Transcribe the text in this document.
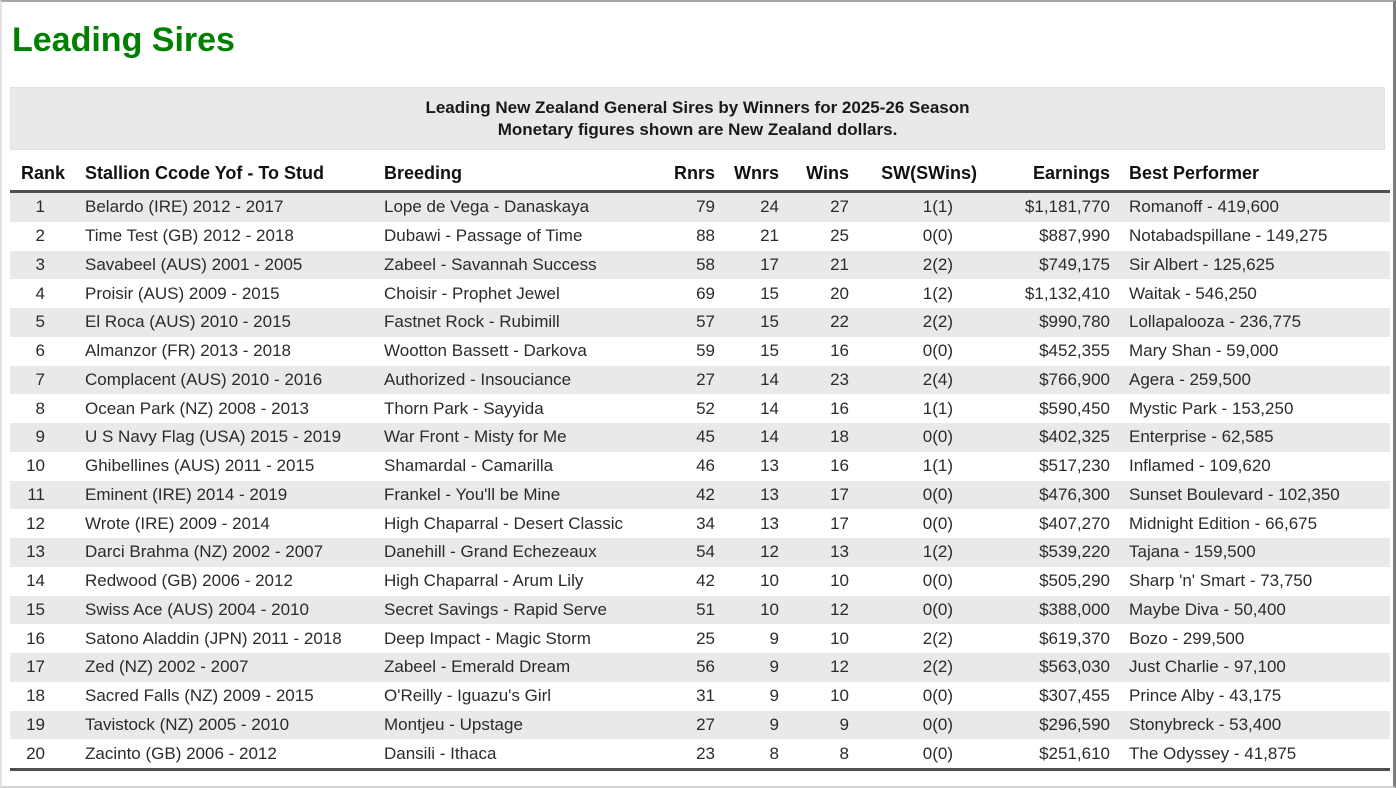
Leading Sires
Leading New Zealand General Sires by Winners for 2025-26 Season
Monetary figures shown are New Zealand dollars.
Rank	Stallion Ccode Yof - To Stud	Breeding	Rnrs	Wnrs	Wins	SW(SWins)	Earnings	Best Performer
1	Belardo (IRE) 2012 - 2017	Lope de Vega - Danaskaya	79	24	27	1(1)	$1,181,770	Romanoff - 419,600
2	Time Test (GB) 2012 - 2018	Dubawi - Passage of Time	88	21	25	0(0)	$887,990	Notabadspillane - 149,275
3	Savabeel (AUS) 2001 - 2005	Zabeel - Savannah Success	58	17	21	2(2)	$749,175	Sir Albert - 125,625
4	Proisir (AUS) 2009 - 2015	Choisir - Prophet Jewel	69	15	20	1(2)	$1,132,410	Waitak - 546,250
5	El Roca (AUS) 2010 - 2015	Fastnet Rock - Rubimill	57	15	22	2(2)	$990,780	Lollapalooza - 236,775
6	Almanzor (FR) 2013 - 2018	Wootton Bassett - Darkova	59	15	16	0(0)	$452,355	Mary Shan - 59,000
7	Complacent (AUS) 2010 - 2016	Authorized - Insouciance	27	14	23	2(4)	$766,900	Agera - 259,500
8	Ocean Park (NZ) 2008 - 2013	Thorn Park - Sayyida	52	14	16	1(1)	$590,450	Mystic Park - 153,250
9	U S Navy Flag (USA) 2015 - 2019	War Front - Misty for Me	45	14	18	0(0)	$402,325	Enterprise - 62,585
10	Ghibellines (AUS) 2011 - 2015	Shamardal - Camarilla	46	13	16	1(1)	$517,230	Inflamed - 109,620
11	Eminent (IRE) 2014 - 2019	Frankel - You'll be Mine	42	13	17	0(0)	$476,300	Sunset Boulevard - 102,350
12	Wrote (IRE) 2009 - 2014	High Chaparral - Desert Classic	34	13	17	0(0)	$407,270	Midnight Edition - 66,675
13	Darci Brahma (NZ) 2002 - 2007	Danehill - Grand Echezeaux	54	12	13	1(2)	$539,220	Tajana - 159,500
14	Redwood (GB) 2006 - 2012	High Chaparral - Arum Lily	42	10	10	0(0)	$505,290	Sharp 'n' Smart - 73,750
15	Swiss Ace (AUS) 2004 - 2010	Secret Savings - Rapid Serve	51	10	12	0(0)	$388,000	Maybe Diva - 50,400
16	Satono Aladdin (JPN) 2011 - 2018	Deep Impact - Magic Storm	25	9	10	2(2)	$619,370	Bozo - 299,500
17	Zed (NZ) 2002 - 2007	Zabeel - Emerald Dream	56	9	12	2(2)	$563,030	Just Charlie - 97,100
18	Sacred Falls (NZ) 2009 - 2015	O'Reilly - Iguazu's Girl	31	9	10	0(0)	$307,455	Prince Alby - 43,175
19	Tavistock (NZ) 2005 - 2010	Montjeu - Upstage	27	9	9	0(0)	$296,590	Stonybreck - 53,400
20	Zacinto (GB) 2006 - 2012	Dansili - Ithaca	23	8	8	0(0)	$251,610	The Odyssey - 41,875
